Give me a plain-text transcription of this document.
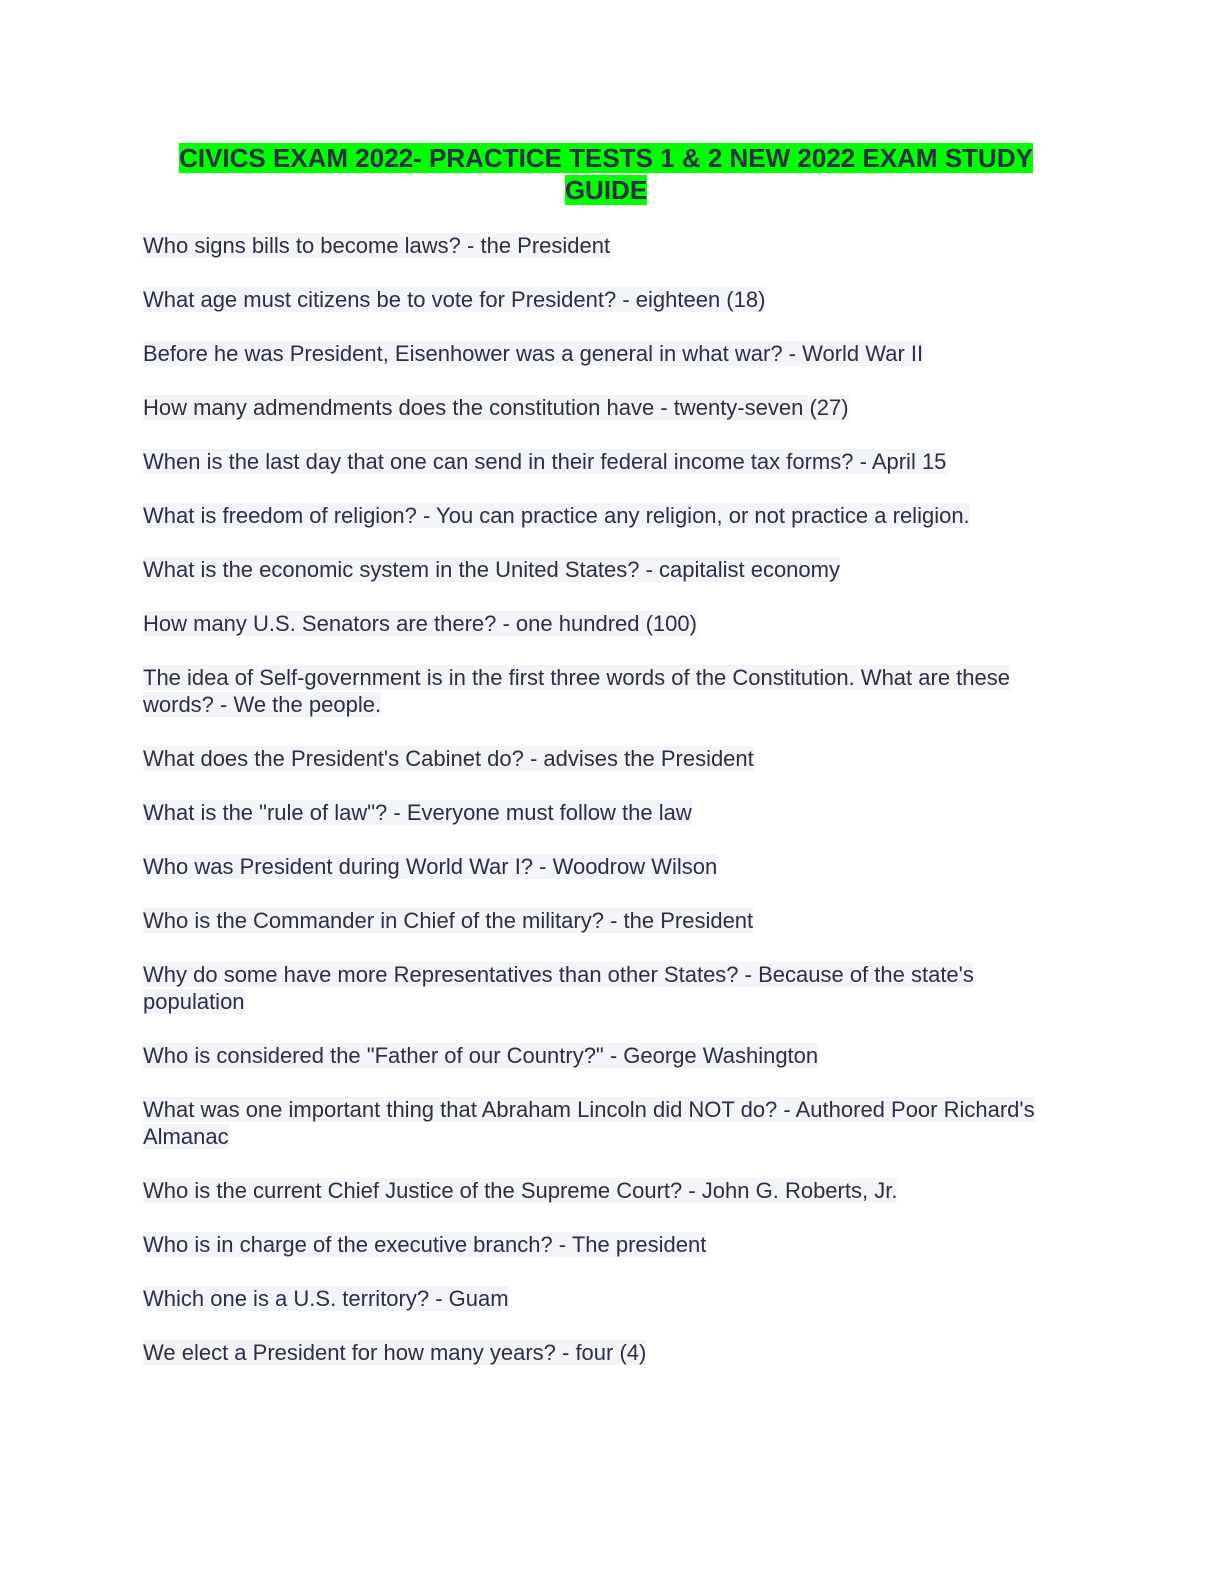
CIVICS EXAM 2022- PRACTICE TESTS 1 & 2 NEW 2022 EXAM STUDY GUIDE
Who signs bills to become laws? - the President
What age must citizens be to vote for President? - eighteen (18)
Before he was President, Eisenhower was a general in what war? - World War II
How many admendments does the constitution have - twenty-seven (27)
When is the last day that one can send in their federal income tax forms? - April 15
What is freedom of religion? - You can practice any religion, or not practice a religion.
What is the economic system in the United States? - capitalist economy
How many U.S. Senators are there? - one hundred (100)
The idea of Self-government is in the first three words of the Constitution. What are these words? - We the people.
What does the President's Cabinet do? - advises the President
What is the "rule of law"? - Everyone must follow the law
Who was President during World War I? - Woodrow Wilson
Who is the Commander in Chief of the military? - the President
Why do some have more Representatives than other States? - Because of the state's population
Who is considered the "Father of our Country?" - George Washington
What was one important thing that Abraham Lincoln did NOT do? - Authored Poor Richard's Almanac
Who is the current Chief Justice of the Supreme Court? - John G. Roberts, Jr.
Who is in charge of the executive branch? - The president
Which one is a U.S. territory? - Guam
We elect a President for how many years? - four (4)
